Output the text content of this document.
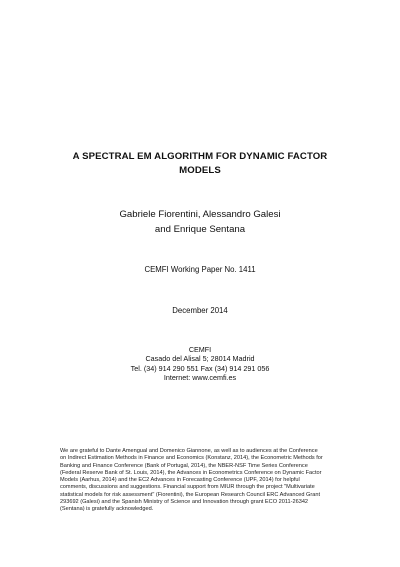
A SPECTRAL EM ALGORITHM FOR DYNAMIC FACTOR
MODELS
Gabriele Fiorentini, Alessandro Galesi
and Enrique Sentana
CEMFI Working Paper No. 1411
December 2014
CEMFI
Casado del Alisal 5; 28014 Madrid
Tel. (34) 914 290 551 Fax (34) 914 291 056
Internet: www.cemfi.es
We are grateful to Dante Amengual and Domenico Giannone, as well as to audiences at the Conference
on Indirect Estimation Methods in Finance and Economics (Konstanz, 2014), the Econometric Methods for
Banking and Finance Conference (Bank of Portugal, 2014), the NBER-NSF Time Series Conference
(Federal Reserve Bank of St. Louis, 2014), the Advances in Econometrics Conference on Dynamic Factor
Models (Aarhus, 2014) and the EC2 Advances in Forecasting Conference (UPF, 2014) for helpful
comments, discussions and suggestions. Financial support from MIUR through the project "Multivariate
statistical models for risk assessment" (Fiorentini), the European Research Council ERC Advanced Grant
293692 (Galesi) and the Spanish Ministry of Science and Innovation through grant ECO 2011-26342
(Sentana) is gratefully acknowledged.
